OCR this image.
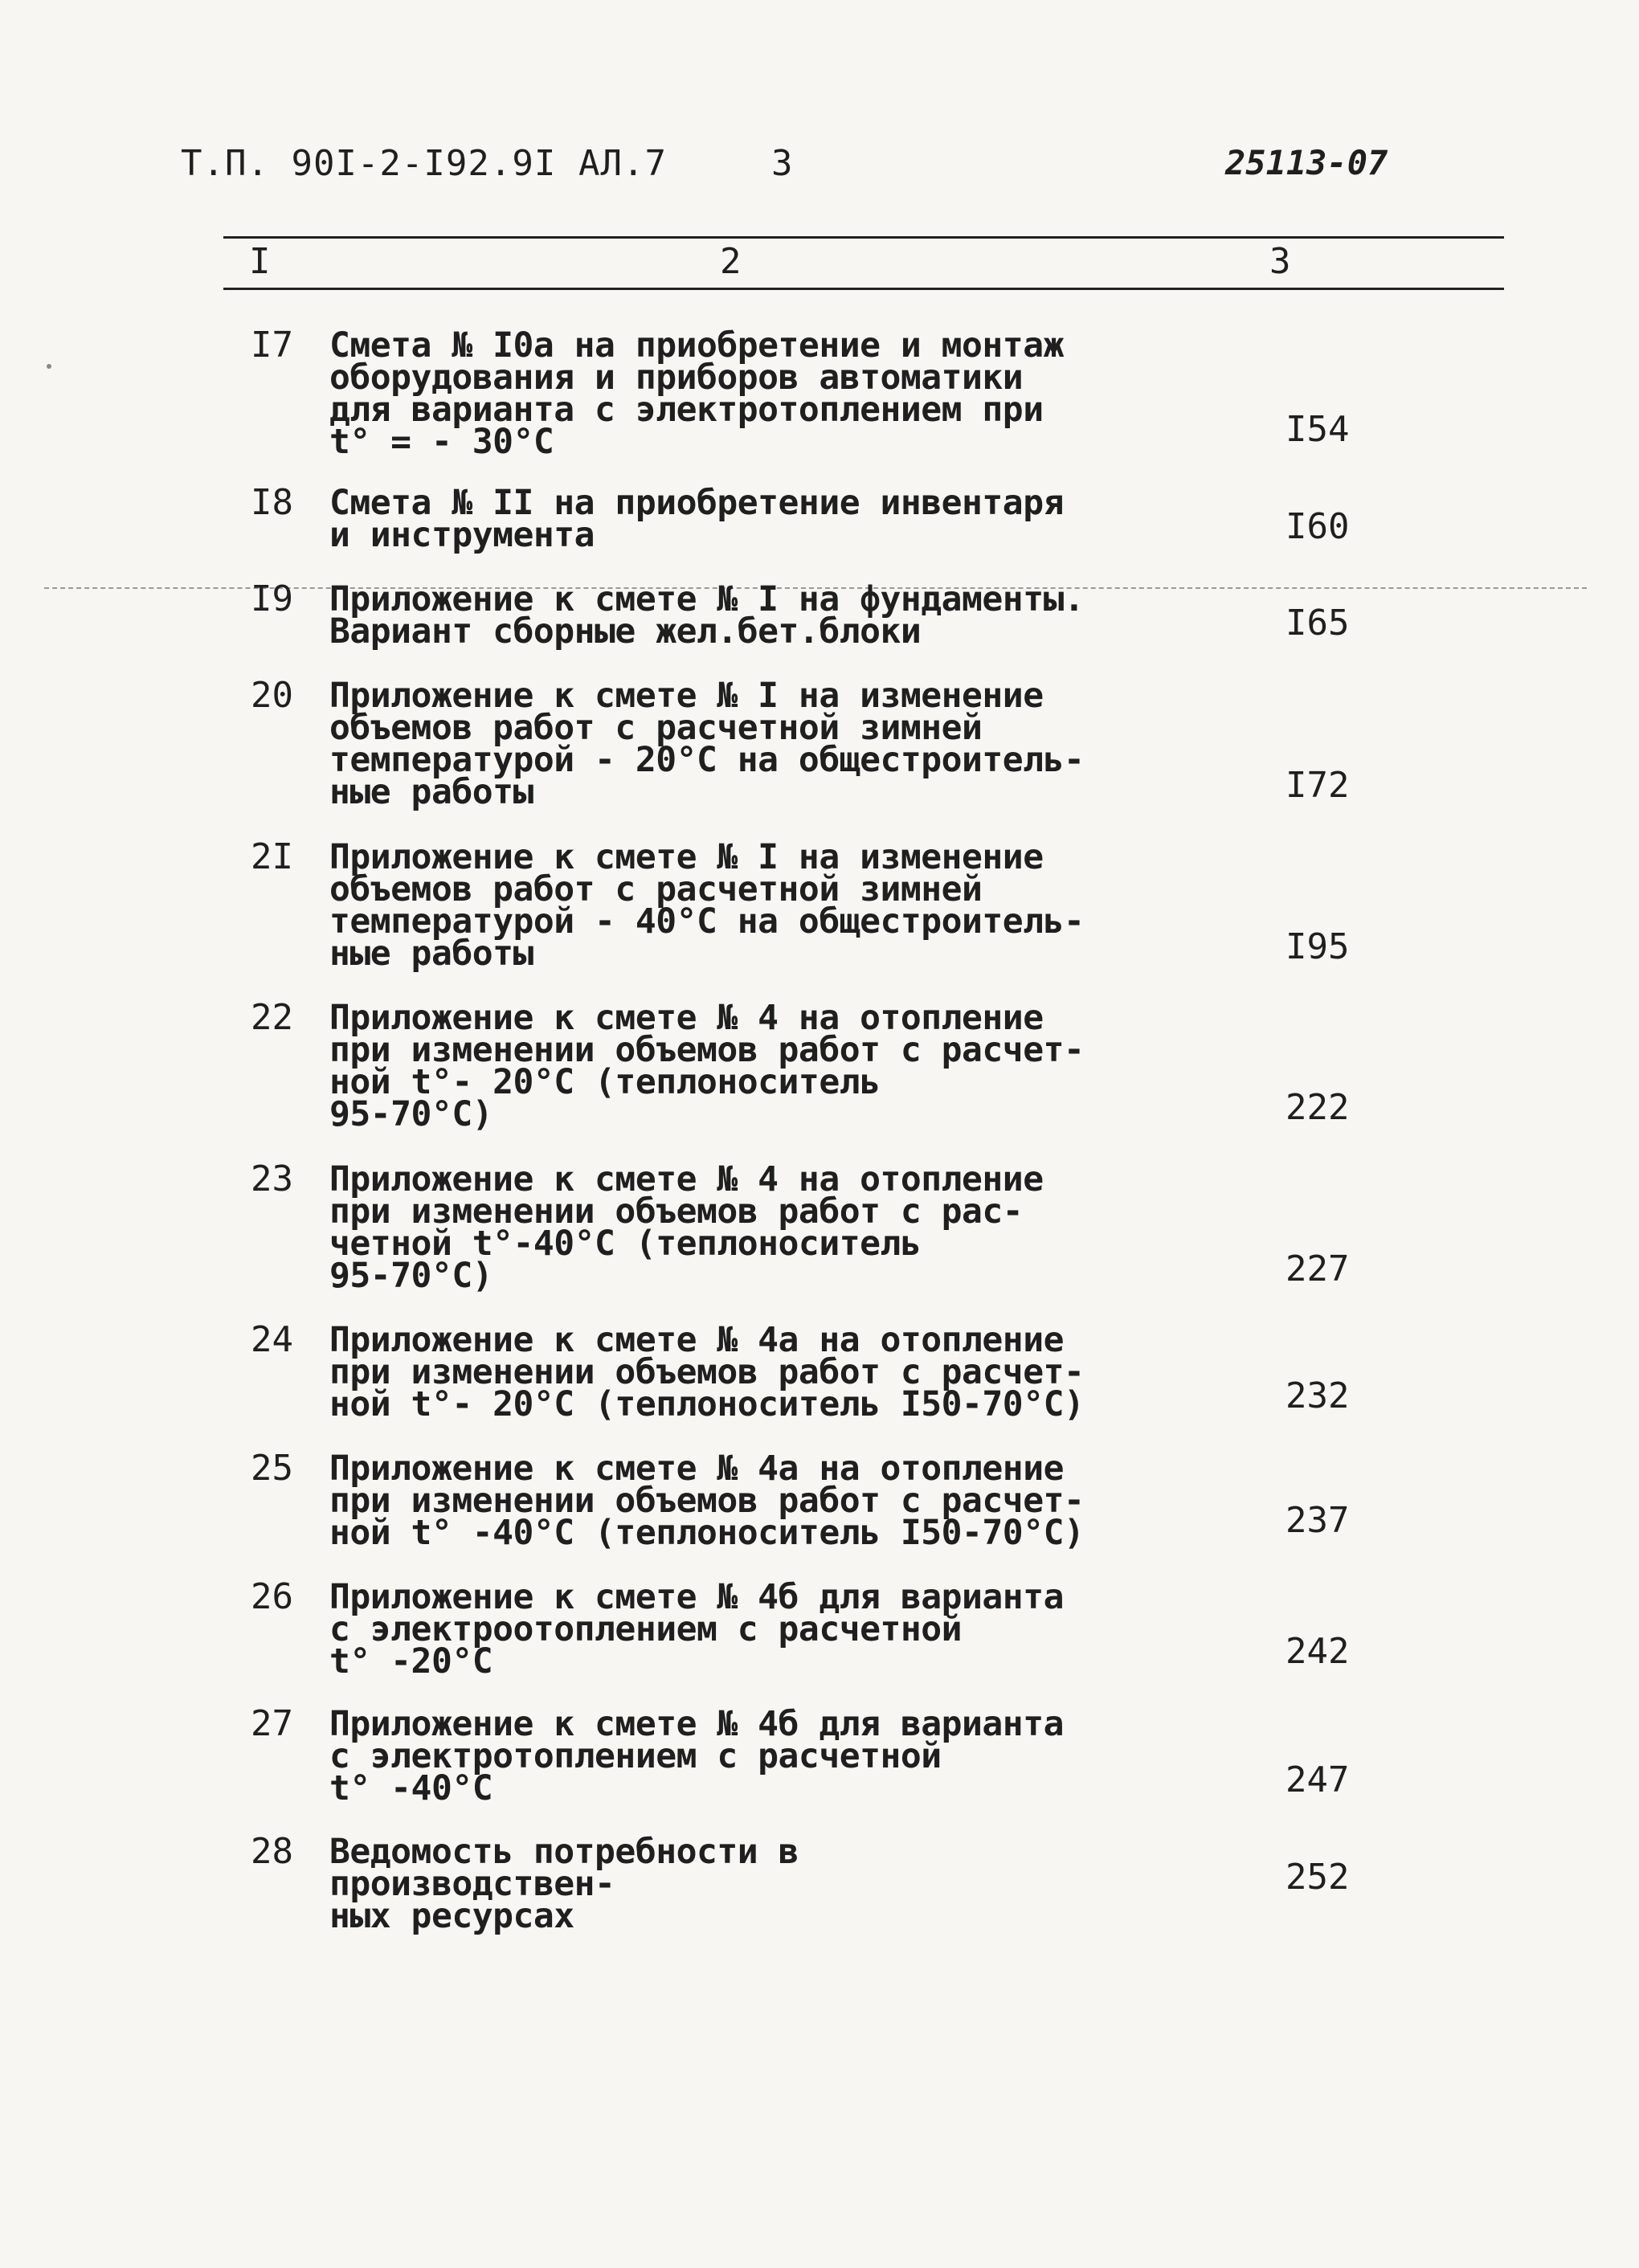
Т.П. 90I-2-I92.9I АЛ.7	3	25113-07
I	2	3
I7	Смета № I0а на приобретение и монтаж
оборудования и приборов автоматики
для варианта с электротоплением при
t° = - 30°С	I54
I8	Смета № II на приобретение инвентаря
и инструмента	I60
I9	Приложение к смете № I на фундаменты.
Вариант сборные жел.бет.блоки	I65
20	Приложение к смете № I на изменение
объемов работ с расчетной зимней
температурой - 20°С на общестроитель-
ные работы	I72
2I	Приложение к смете № I на изменение
объемов работ с расчетной зимней
температурой - 40°С на общестроитель-
ные работы	I95
22	Приложение к смете № 4 на отопление
при изменении объемов работ с расчет-
ной t°- 20°С (теплоноситель
95-70°С)	222
23	Приложение к смете № 4 на отопление
при изменении объемов работ с рас-
четной t°-40°С (теплоноситель
95-70°С)	227
24	Приложение к смете № 4а на отопление
при изменении объемов работ с расчет-
ной t°- 20°С (теплоноситель I50-70°С)	232
25	Приложение к смете № 4а на отопление
при изменении объемов работ с расчет-
ной t° -40°С (теплоноситель I50-70°С)	237
26	Приложение к смете № 4б для варианта
с электроотоплением с расчетной
t° -20°С	242
27	Приложение к смете № 4б для варианта
с электротоплением с расчетной
t° -40°С	247
28	Ведомость потребности в производствен-
ных ресурсах
252
